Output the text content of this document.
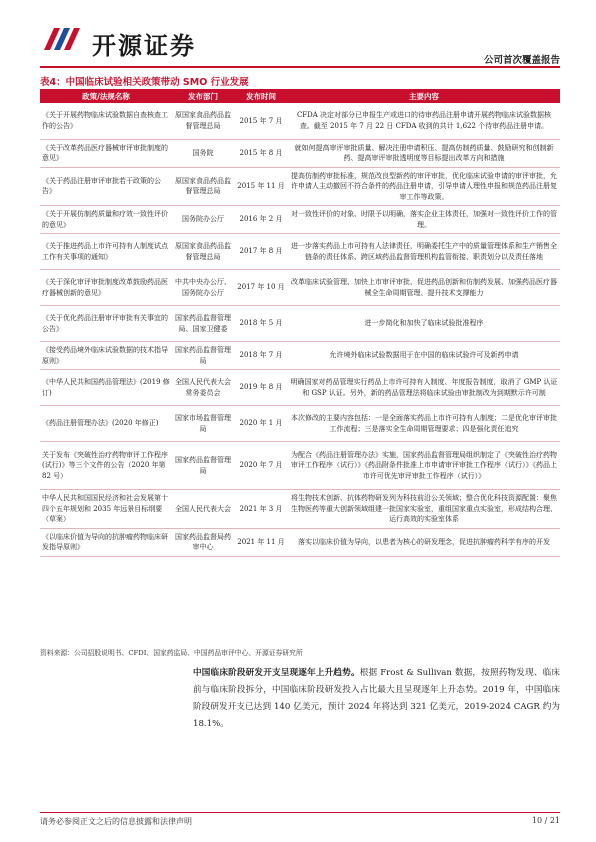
开源证券
公司首次覆盖报告
表4：中国临床试验相关政策带动 SMO 行业发展
政策/法规名称	发布部门	发布时间	主要内容
《关于开展药物临床试验数据自查核查工作的公告》	原国家食品药品监督管理总局	2015 年 7 月	CFDA 决定对部分已申报生产或进口的待审药品注册申请开展药物临床试验数据核查。截至 2015 年 7 月 22 日 CFDA 收到的共计 1,622 个待审药品注册申请。
《关于改革药品医疗器械审评审批制度的意见》	国务院	2015 年 8 月	就如何提高审评审批质量、解决注册申请积压、提高仿制药质量、鼓励研究和创制新药、提高审评审批透明度等目标提出改革方向和措施
《关于药品注册审评审批若干政策的公告》	原国家食品药品监督管理总局	2015 年 11 月	提高仿制药审批标准，规范改良型新药的审评审批，优化临床试验申请的审评审批，允许申请人主动撤回不符合条件的药品注册申请，引导申请人理性申报和规范药品注册复审工作等政策。
《关于开展仿制药质量和疗效一致性评价的意见》	国务院办公厅	2016 年 2 月	对一致性评价的对象、时限予以明确，落实企业主体责任，加强对一致性评价工作的管理。
《关于推进药品上市许可持有人制度试点工作有关事项的通知》	原国家食品药品监督管理总局	2017 年 8 月	进一步落实药品上市可持有人法律责任，明确委托生产中的质量管理体系和生产销售全链条的责任体系、跨区域药品监督管理机构监管衔接、职责划分以及责任落地
《关于深化审评审批制度改革鼓励药品医疗器械创新的意见》	中共中央办公厅、国务院办公厅	2017 年 10 月	改革临床试验管理、加快上市审评审批、促进药品创新和仿制药发展、加强药品医疗器械全生命周期管理、提升技术支撑能力
《关于优化药品注册审评审批有关事宜的公告》	国家药品监督管理局、国家卫健委	2018 年 5 月	进一步简化和加快了临床试验批准程序
《接受药品境外临床试验数据的技术指导原则》	国家药品监督管理局	2018 年 7 月	允许境外临床试验数据用于在中国的临床试验许可及新药申请
《中华人民共和国药品管理法》(2019 修订)	全国人民代表大会常务委员会	2019 年 8 月	明确国家对药品管理实行药品上市许可持有人制度、年度报告制度，取消了 GMP 认证和 GSP 认证。另外，新的药品管理法将临床试验由审批制改为到期默示许可制
《药品注册管理办法》(2020 年修正)	国家市场监督管理局	2020 年 1 月	本次修改的主要内容包括：一是全面落实药品上市许可持有人制度；二是优化审评审批工作流程；三是落实全生命周期管理要求；四是强化责任追究
关于发布《突破性治疗药物审评工作程序(试行)》等三个文件的公告（2020 年第 82 号）	国家药品监督管理局	2020 年 7 月	为配合《药品注册管理办法》实施，国家药品监督管理局组织制定了《突破性治疗药物审评工作程序（试行）》《药品附条件批准上市申请审评审批工作程序（试行）》《药品上市许可优先审评审批工作程序（试行）》
中华人民共和国国民经济和社会发展第十四个五年规划和 2035 年远景目标纲要（草案）	全国人民代表大会	2021 年 3 月	将生物技术创新、抗体药物研发列为科技前沿公关领域；整合优化科技资源配置：聚焦生物医药等重大创新领域组建一批国家实验室，重组国家重点实验室，形成结构合理、运行高效的实验室体系
《以临床价值为导向的抗肿瘤药物临床研发指导原则》	国家药品监督局药审中心	2021 年 11 月	落实以临床价值为导向，以患者为核心的研发理念，促进抗肿瘤药科学有序的开发
资料来源：公司招股说明书、CFDI、国家药监局、中国药品审评中心、开源证券研究所
中国临床阶段研发开支呈现逐年上升趋势。根据 Frost & Sullivan 数据，按照药物发现、临床前与临床阶段拆分，中国临床阶段研发投入占比最大且呈现逐年上升态势。2019 年，中国临床阶段研发开支已达到 140 亿美元，预计 2024 年将达到 321 亿美元，2019-2024 CAGR 约为 18.1%。
请务必参阅正文之后的信息披露和法律声明	10 / 21
